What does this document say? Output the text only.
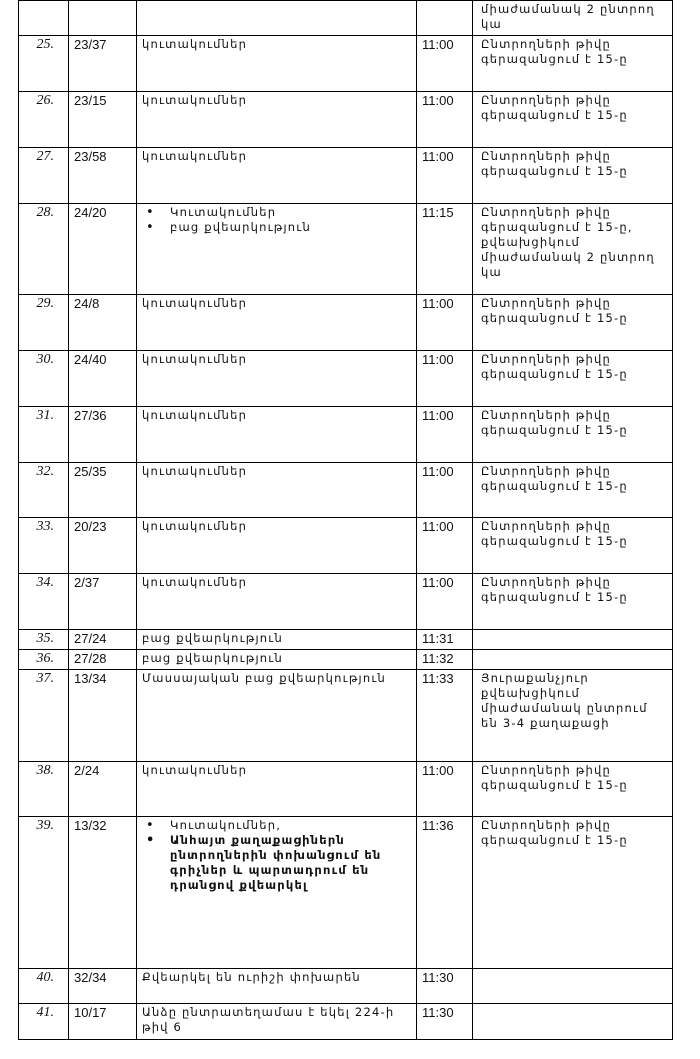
				միաժամանակ 2 ընտրող կա
25.	23/37	կուտակումներ	11:00	Ընտրողների թիվը գերազանցում է 15-ը
26.	23/15	կուտակումներ	11:00	Ընտրողների թիվը գերազանցում է 15-ը
27.	23/58	կուտակումներ	11:00	Ընտրողների թիվը գերազանցում է 15-ը
28.	24/20	• Կուտակումներ
• բաց քվեարկություն	11:15	Ընտրողների թիվը գերազանցում է 15-ը, քվեախցիկում միաժամանակ 2 ընտրող կա
29.	24/8	կուտակումներ	11:00	Ընտրողների թիվը գերազանցում է 15-ը
30.	24/40	կուտակումներ	11:00	Ընտրողների թիվը գերազանցում է 15-ը
31.	27/36	կուտակումներ	11:00	Ընտրողների թիվը գերազանցում է 15-ը
32.	25/35	կուտակումներ	11:00	Ընտրողների թիվը գերազանցում է 15-ը
33.	20/23	կուտակումներ	11:00	Ընտրողների թիվը գերազանցում է 15-ը
34.	2/37	կուտակումներ	11:00	Ընտրողների թիվը գերազանցում է 15-ը
35.	27/24	բաց քվեարկություն	11:31	
36.	27/28	բաց քվեարկություն	11:32	
37.	13/34	Մասսայական բաց քվեարկություն	11:33	Յուրաքանչյուր քվեախցիկում միաժամանակ ընտրում են 3-4 քաղաքացի
38.	2/24	կուտակումներ	11:00	Ընտրողների թիվը գերազանցում է 15-ը
39.	13/32	• Կուտակումներ,
• Անհայտ քաղաքացիներն ընտրողներին փոխանցում են գրիչներ և պարտադրում են դրանցով քվեարկել	11:36	Ընտրողների թիվը գերազանցում է 15-ը
40.	32/34	Քվեարկել են ուրիշի փոխարեն	11:30	
41.	10/17	Անձը ընտրատեղամաս է եկել 224-ի թիվ 6	11:30	
